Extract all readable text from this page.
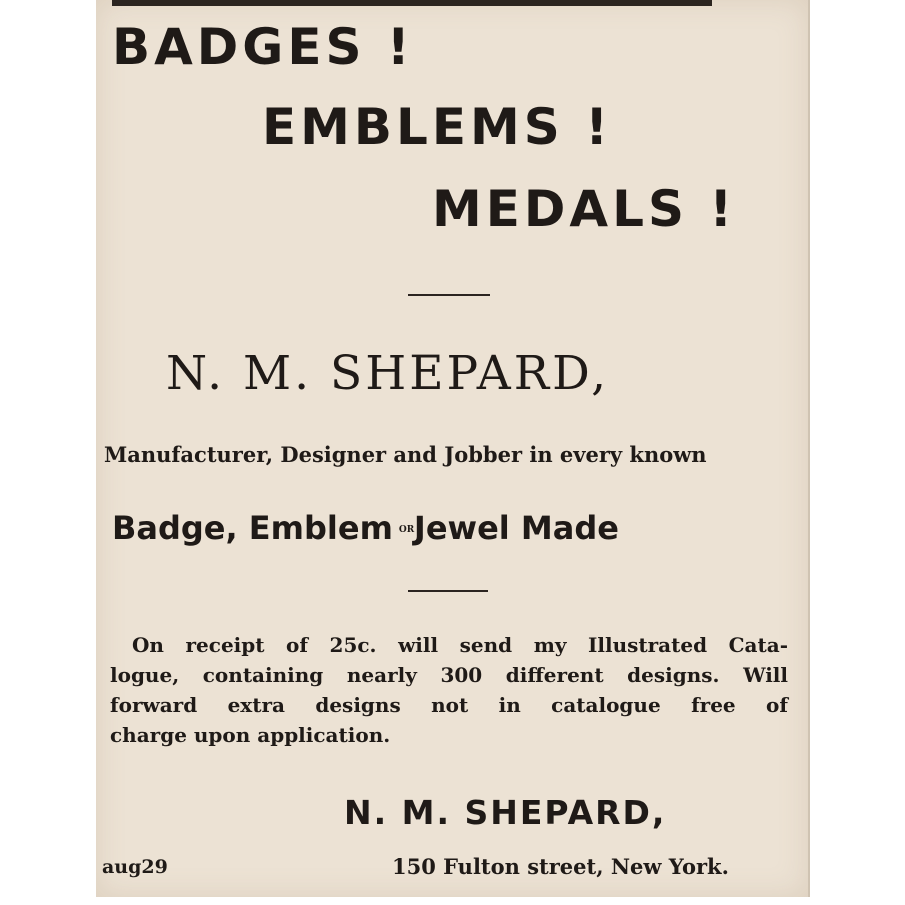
BADGES !
EMBLEMS !
MEDALS !
N. M. SHEPARD,
Manufacturer, Designer and Jobber in every known
Badge, Emblem ORJewel Made
On receipt of 25c. will send my Illustrated Cata-
logue, containing nearly 300 different designs. Will
forward extra designs not in catalogue free of
charge upon application.
N. M. SHEPARD,
aug29	150 Fulton street, New York.
